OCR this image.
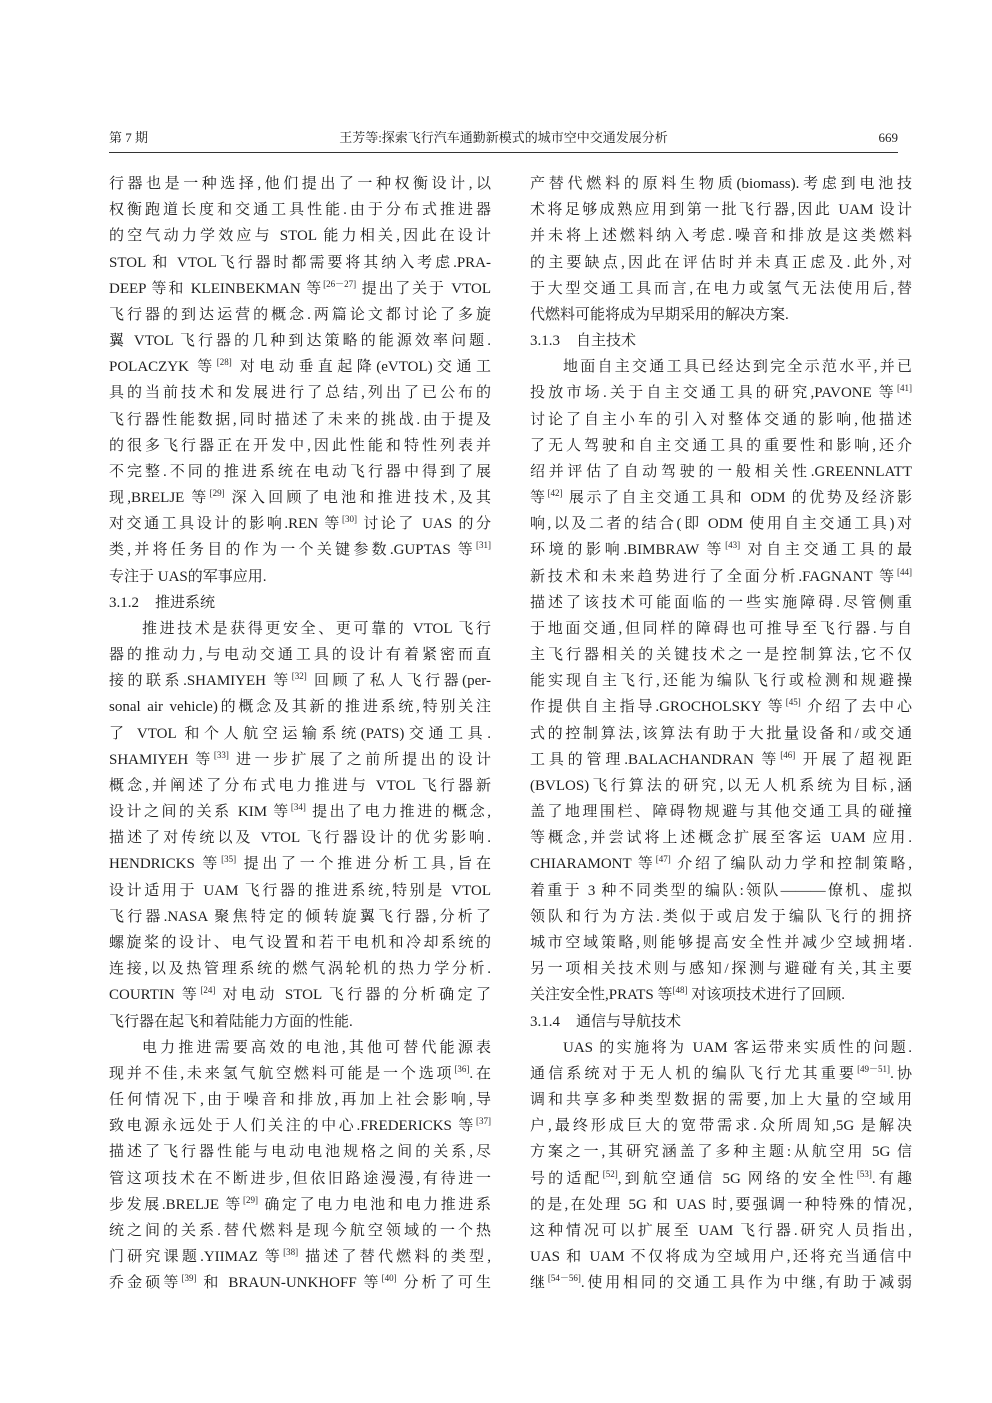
第 7 期	王芳等:探索飞行汽车通勤新模式的城市空中交通发展分析	669
行器也是一种选择,他们提出了一种权衡设计,以
权衡跑道长度和交通工具性能.由于分布式推进器
的空气动力学效应与 STOL 能力相关,因此在设计
STOL 和 VTOL飞行器时都需要将其纳入考虑.PRA-
DEEP 等和 KLEINBEKMAN 等[26－27] 提出了关于 VTOL
飞行器的到达运营的概念.两篇论文都讨论了多旋
翼 VTOL 飞行器的几种到达策略的能源效率问题.
POLACZYK 等[28] 对电动垂直起降(eVTOL)交通工
具的当前技术和发展进行了总结,列出了已公布的
飞行器性能数据,同时描述了未来的挑战.由于提及
的很多飞行器正在开发中,因此性能和特性列表并
不完整.不同的推进系统在电动飞行器中得到了展
现,BRELJE 等[29] 深入回顾了电池和推进技术,及其
对交通工具设计的影响.REN 等[30] 讨论了 UAS 的分
类,并将任务目的作为一个关键参数.GUPTAS 等[31]
专注于 UAS的军事应用.
3.1.2 推进系统
推进技术是获得更安全、更可靠的 VTOL 飞行
器的推动力,与电动交通工具的设计有着紧密而直
接的联系.SHAMIYEH 等[32] 回顾了私人飞行器(per-
sonal air vehicle)的概念及其新的推进系统,特别关注
了 VTOL 和个人航空运输系统(PATS)交通工具.
SHAMIYEH 等[33] 进一步扩展了之前所提出的设计
概念,并阐述了分布式电力推进与 VTOL 飞行器新
设计之间的关系 KIM 等[34] 提出了电力推进的概念,
描述了对传统以及 VTOL 飞行器设计的优劣影响.
HENDRICKS 等[35] 提出了一个推进分析工具,旨在
设计适用于 UAM 飞行器的推进系统,特别是 VTOL
飞行器.NASA 聚焦特定的倾转旋翼飞行器,分析了
螺旋桨的设计、电气设置和若干电机和冷却系统的
连接,以及热管理系统的燃气涡轮机的热力学分析.
COURTIN 等[24] 对电动 STOL 飞行器的分析确定了
飞行器在起飞和着陆能力方面的性能.
电力推进需要高效的电池,其他可替代能源表
现并不佳,未来氢气航空燃料可能是一个选项[36].在
任何情况下,由于噪音和排放,再加上社会影响,导
致电源永远处于人们关注的中心.FREDERICKS 等[37]
描述了飞行器性能与电动电池规格之间的关系,尽
管这项技术在不断进步,但依旧路途漫漫,有待进一
步发展.BRELJE 等[29] 确定了电力电池和电力推进系
统之间的关系.替代燃料是现今航空领域的一个热
门研究课题.YIIMAZ 等[38] 描述了替代燃料的类型,
乔金硕等[39] 和 BRAUN-UNKHOFF 等[40] 分析了可生
产替代燃料的原料生物质(biomass).考虑到电池技
术将足够成熟应用到第一批飞行器,因此 UAM 设计
并未将上述燃料纳入考虑.噪音和排放是这类燃料
的主要缺点,因此在评估时并未真正虑及.此外,对
于大型交通工具而言,在电力或氢气无法使用后,替
代燃料可能将成为早期采用的解决方案.
3.1.3 自主技术
地面自主交通工具已经达到完全示范水平,并已
投放市场.关于自主交通工具的研究,PAVONE 等[41]
讨论了自主小车的引入对整体交通的影响,他描述
了无人驾驶和自主交通工具的重要性和影响,还介
绍并评估了自动驾驶的一般相关性.GREENNLATT
等[42] 展示了自主交通工具和 ODM 的优势及经济影
响,以及二者的结合(即 ODM 使用自主交通工具)对
环境的影响.BIMBRAW 等[43] 对自主交通工具的最
新技术和未来趋势进行了全面分析.FAGNANT 等[44]
描述了该技术可能面临的一些实施障碍.尽管侧重
于地面交通,但同样的障碍也可推导至飞行器.与自
主飞行器相关的关键技术之一是控制算法,它不仅
能实现自主飞行,还能为编队飞行或检测和规避操
作提供自主指导.GROCHOLSKY 等[45] 介绍了去中心
式的控制算法,该算法有助于大批量设备和/或交通
工具的管理.BALACHANDRAN 等[46] 开展了超视距
(BVLOS)飞行算法的研究,以无人机系统为目标,涵
盖了地理围栏、障碍物规避与其他交通工具的碰撞
等概念,并尝试将上述概念扩展至客运 UAM 应用.
CHIARAMONT 等[47] 介绍了编队动力学和控制策略,
着重于 3 种不同类型的编队:领队———僚机、虚拟
领队和行为方法.类似于或启发于编队飞行的拥挤
城市空域策略,则能够提高安全性并减少空域拥堵.
另一项相关技术则与感知/探测与避碰有关,其主要
关注安全性,PRATS 等[48] 对该项技术进行了回顾.
3.1.4 通信与导航技术
UAS 的实施将为 UAM 客运带来实质性的问题.
通信系统对于无人机的编队飞行尤其重要[49－51].协
调和共享多种类型数据的需要,加上大量的空域用
户,最终形成巨大的宽带需求.众所周知,5G 是解决
方案之一,其研究涵盖了多种主题:从航空用 5G 信
号的适配[52],到航空通信 5G 网络的安全性[53].有趣
的是,在处理 5G 和 UAS 时,要强调一种特殊的情况,
这种情况可以扩展至 UAM 飞行器.研究人员指出,
UAS 和 UAM 不仅将成为空域用户,还将充当通信中
继[54－56].使用相同的交通工具作为中继,有助于减弱
